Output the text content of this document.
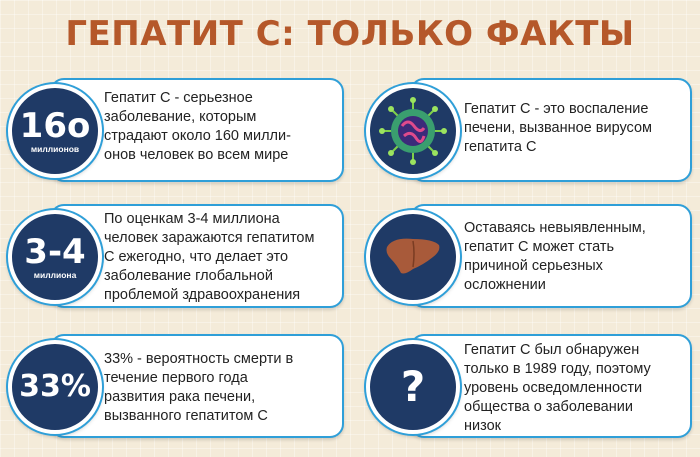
ГЕПАТИТ С: ТОЛЬКО ФАКТЫ
Гепатит С - серьезное
заболевание, которым
страдают около 160 милли-
онов человек во всем мире
16o
миллионов
Гепатит С - это воспаление
печени, вызванное вирусом
гепатита С
По оценкам 3-4 миллиона
человек заражаются гепатитом
С ежегодно, что делает это
заболевание глобальной
проблемой здравоохранения
3-4
миллиона
Оставаясь невыявленным,
гепатит С может стать
причиной серьезных
осложнении
33% - вероятность смерти в
течение первого года
развития рака печени,
вызванного гепатитом С
33%
Гепатит С был обнаружен
только в 1989 году, поэтому
уровень осведомленности
общества о заболевании
низок
?
